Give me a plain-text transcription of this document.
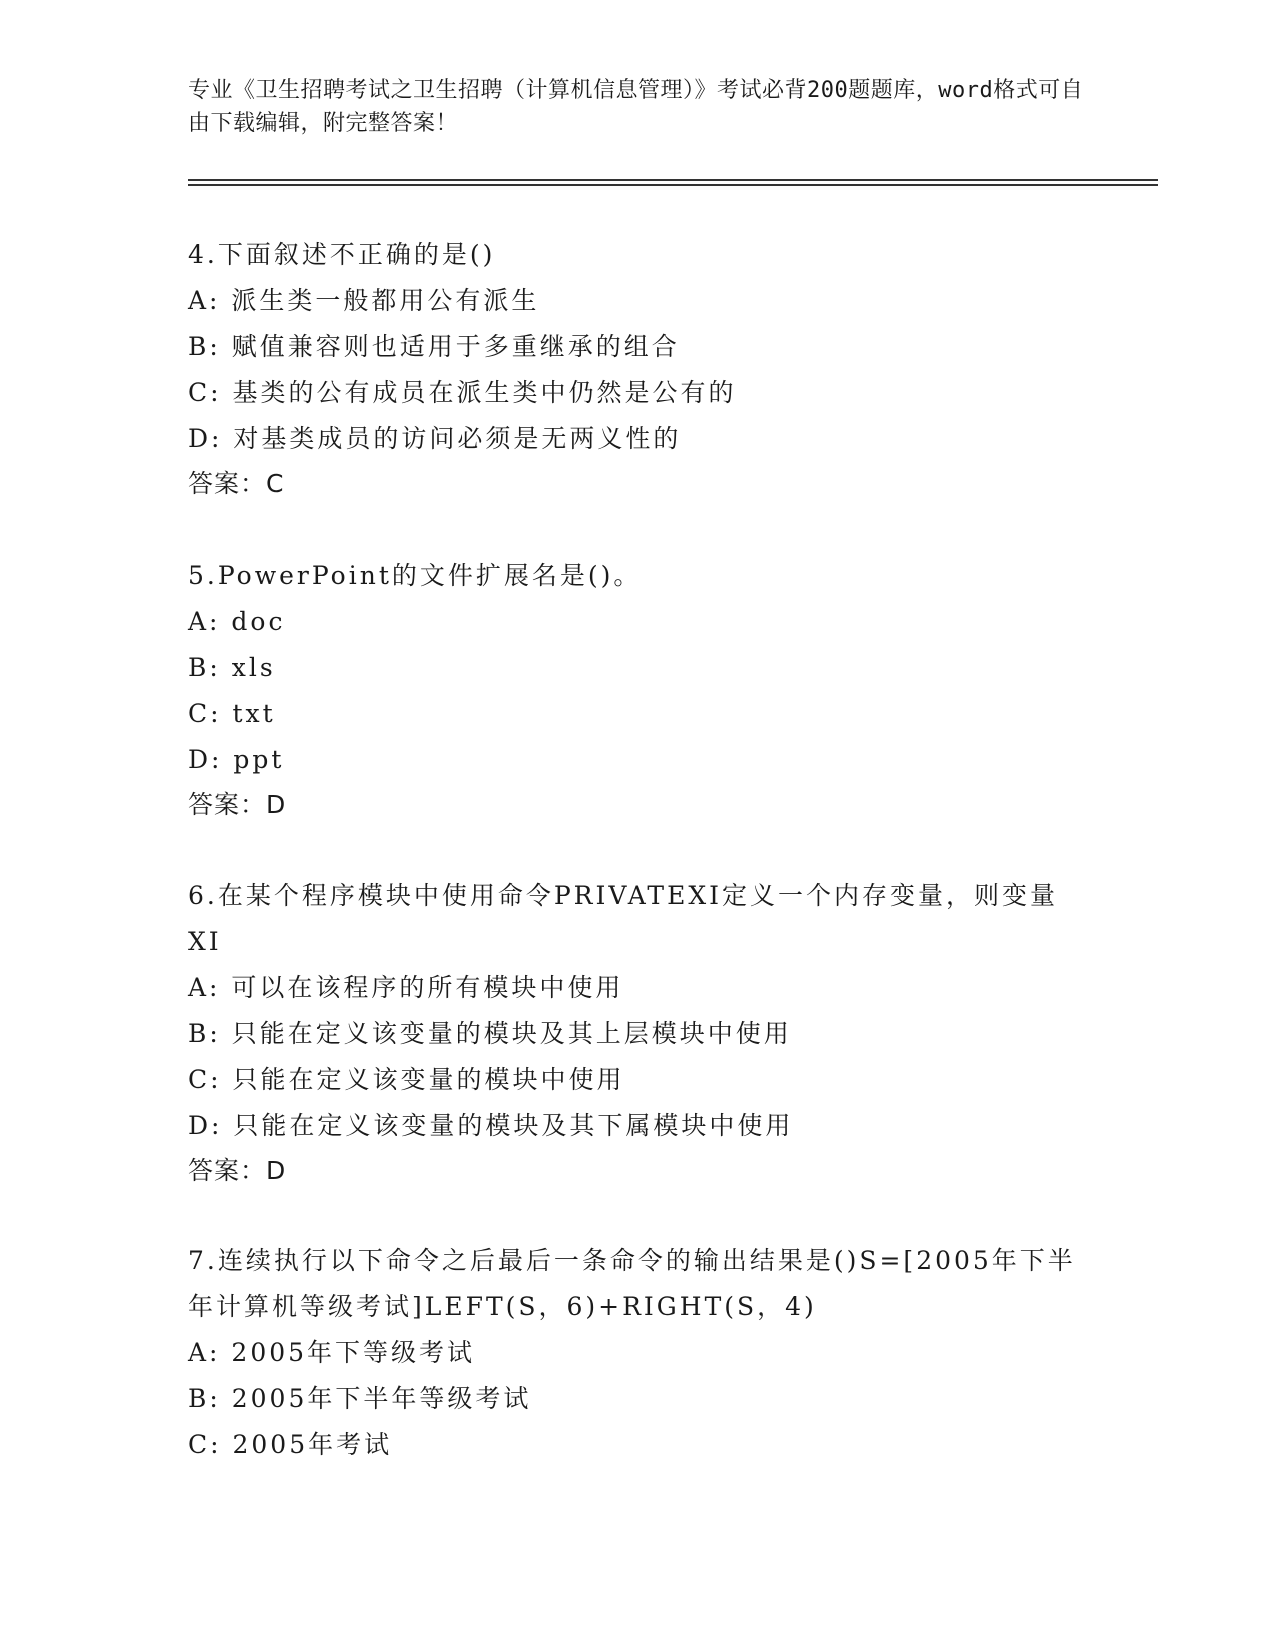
专业《卫生招聘考试之卫生招聘（计算机信息管理）》考试必背200题题库，word格式可自由下载编辑，附完整答案！
4.下面叙述不正确的是()
A: 派生类一般都用公有派生
B: 赋值兼容则也适用于多重继承的组合
C: 基类的公有成员在派生类中仍然是公有的
D: 对基类成员的访问必须是无两义性的
答案：C
5.PowerPoint的文件扩展名是()。
A: doc
B: xls
C: txt
D: ppt
答案：D
6.在某个程序模块中使用命令PRIVATEXI定义一个内存变量，则变量XI
A: 可以在该程序的所有模块中使用
B: 只能在定义该变量的模块及其上层模块中使用
C: 只能在定义该变量的模块中使用
D: 只能在定义该变量的模块及其下属模块中使用
答案：D
7.连续执行以下命令之后最后一条命令的输出结果是()S=[2005年下半年计算机等级考试]LEFT(S，6)+RIGHT(S，4)
A: 2005年下等级考试
B: 2005年下半年等级考试
C: 2005年考试
